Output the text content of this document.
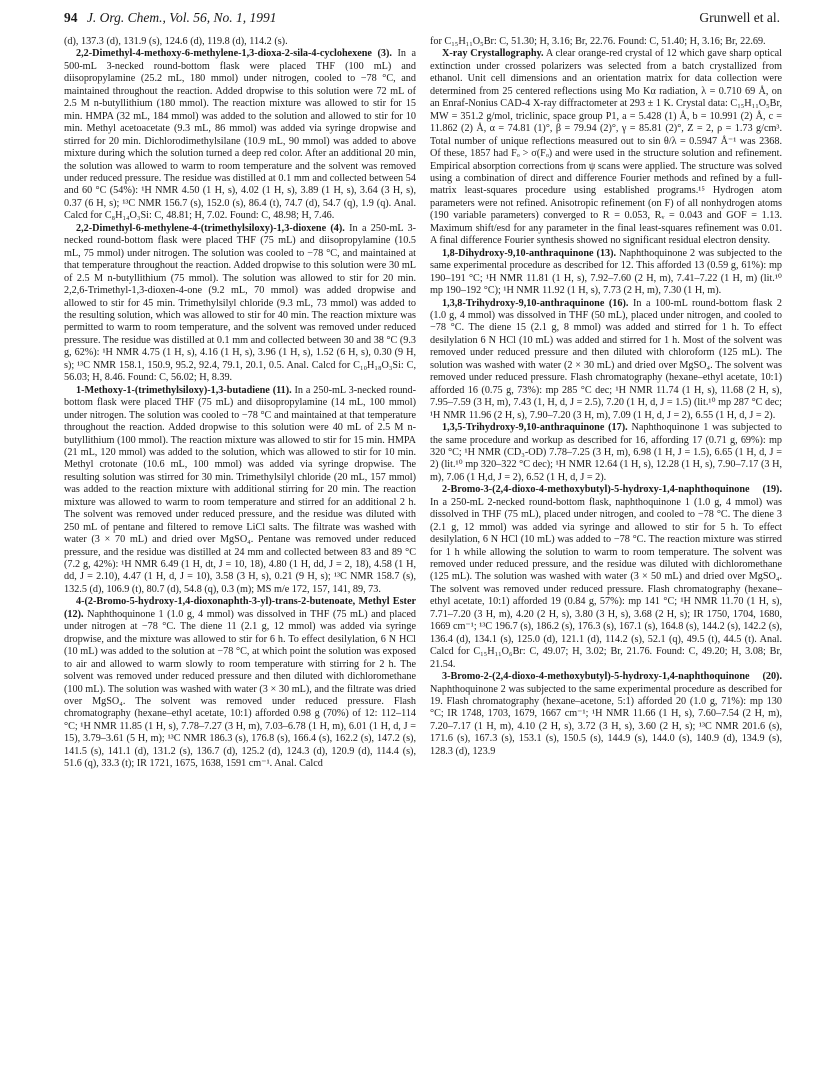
94 J. Org. Chem., Vol. 56, No. 1, 1991	Grunwell et al.

(d), 137.3 (d), 131.9 (s), 124.6 (d), 119.8 (d), 114.2 (s).

2,2-Dimethyl-4-methoxy-6-methylene-1,3-dioxa-2-sila-4-cyclohexene (3). In a 500-mL 3-necked round-bottom flask were placed THF (100 mL) and diisopropylamine (25.2 mL, 180 mmol) under nitrogen, cooled to −78 °C, and maintained throughout the reaction. Added dropwise to this solution were 72 mL of 2.5 M n-butyllithium (180 mmol). The reaction mixture was allowed to stir for 15 min. HMPA (32 mL, 184 mmol) was added to the solution and allowed to stir for 10 min. Methyl acetoacetate (9.3 mL, 86 mmol) was added via syringe dropwise and stirred for 20 min. Dichlorodimethylsilane (10.9 mL, 90 mmol) was added to above mixture during which the solution turned a deep red color. After an additional 20 min, the solution was allowed to warm to room temperature and the solvent was removed under reduced pressure. The residue was distilled at 0.1 mm and collected between 54 and 60 °C (54%): ¹H NMR 4.50 (1 H, s), 4.02 (1 H, s), 3.89 (1 H, s), 3.64 (3 H, s), 0.37 (6 H, s); ¹³C NMR 156.7 (s), 152.0 (s), 86.4 (t), 74.7 (d), 54.7 (q), 1.9 (q). Anal. Calcd for C₈H₁₄O₃Si: C, 48.81; H, 7.02. Found: C, 48.98; H, 7.46.

2,2-Dimethyl-6-methylene-4-(trimethylsiloxy)-1,3-dioxene (4). In a 250-mL 3-necked round-bottom flask were placed THF (75 mL) and diisopropylamine (10.5 mL, 75 mmol) under nitrogen. The solution was cooled to −78 °C, and maintained at that temperature throughout the reaction. Added dropwise to this solution were 30 mL of 2.5 M n-butyllithium (75 mmol). The solution was allowed to stir for 20 min. 2,2,6-Trimethyl-1,3-dioxen-4-one (9.2 mL, 70 mmol) was added dropwise and allowed to stir for 45 min. Trimethylsilyl chloride (9.3 mL, 73 mmol) was added to the resulting solution, which was allowed to stir for 40 min. The reaction mixture was permitted to warm to room temperature, and the solvent was removed under reduced pressure. The residue was distilled at 0.1 mm and collected between 30 and 38 °C (9.3 g, 62%): ¹H NMR 4.75 (1 H, s), 4.16 (1 H, s), 3.96 (1 H, s), 1.52 (6 H, s), 0.30 (9 H, s); ¹³C NMR 158.1, 150.9, 95.2, 92.4, 79.1, 20.1, 0.5. Anal. Calcd for C₁₀H₁₈O₃Si: C, 56.03; H, 8.46. Found: C, 56.02; H, 8.39.

1-Methoxy-1-(trimethylsiloxy)-1,3-butadiene (11). In a 250-mL 3-necked round-bottom flask were placed THF (75 mL) and diisopropylamine (14 mL, 100 mmol) under nitrogen. The solution was cooled to −78 °C and maintained at that temperature throughout the reaction. Added dropwise to this solution were 40 mL of 2.5 M n-butyllithium (100 mmol). The reaction mixture was allowed to stir for 15 min. HMPA (21 mL, 120 mmol) was added to the solution, which was allowed to stir for 10 min. Methyl crotonate (10.6 mL, 100 mmol) was added via syringe dropwise. The resulting solution was stirred for 30 min. Trimethylsilyl chloride (20 mL, 157 mmol) was added to the reaction mixture with additional stirring for 20 min. The reaction mixture was allowed to warm to room temperature and stirred for an additional 2 h. The solvent was removed under reduced pressure, and the residue was diluted with 250 mL of pentane and filtered to remove LiCl salts. The filtrate was washed with water (3 × 70 mL) and dried over MgSO₄. Pentane was removed under reduced pressure, and the residue was distilled at 24 mm and collected between 83 and 89 °C (7.2 g, 42%): ¹H NMR 6.49 (1 H, dt, J = 10, 18), 4.80 (1 H, dd, J = 2, 18), 4.58 (1 H, dd, J = 2.10), 4.47 (1 H, d, J = 10), 3.58 (3 H, s), 0.21 (9 H, s); ¹³C NMR 158.7 (s), 132.5 (d), 106.9 (t), 80.7 (d), 54.8 (q), 0.3 (m); MS m/e 172, 157, 141, 89, 73.

4-(2-Bromo-5-hydroxy-1,4-dioxonaphth-3-yl)-trans-2-butenoate, Methyl Ester (12). Naphthoquinone 1 (1.0 g, 4 mmol) was dissolved in THF (75 mL) and placed under nitrogen at −78 °C. The diene 11 (2.1 g, 12 mmol) was added via syringe dropwise, and the mixture was allowed to stir for 6 h. To effect desilylation, 6 N HCl (10 mL) was added to the solution at −78 °C, at which point the solution was exposed to air and allowed to warm slowly to room temperature with stirring for 2 h. The solvent was removed under reduced pressure and then diluted with dichloromethane (100 mL). The solution was washed with water (3 × 30 mL), and the filtrate was dried over MgSO₄. The solvent was removed under reduced pressure. Flash chromatography (hexane–ethyl acetate, 10:1) afforded 0.98 g (70%) of 12: 112–114 °C; ¹H NMR 11.85 (1 H, s), 7.78–7.27 (3 H, m), 7.03–6.78 (1 H, m), 6.01 (1 H, d, J = 15), 3.79–3.61 (5 H, m); ¹³C NMR 186.3 (s), 176.8 (s), 166.4 (s), 162.2 (s), 147.2 (s), 141.5 (s), 141.1 (d), 131.2 (s), 136.7 (d), 125.2 (d), 124.3 (d), 120.9 (d), 114.4 (s), 51.6 (q), 33.3 (t); IR 1721, 1675, 1638, 1591 cm⁻¹. Anal. Calcd

for C₁₅H₁₁O₅Br: C, 51.30; H, 3.16; Br, 22.76. Found: C, 51.40; H, 3.16; Br, 22.69.

X-ray Crystallography. A clear orange-red crystal of 12 which gave sharp optical extinction under crossed polarizers was selected from a batch crystallized from ethanol. Unit cell dimensions and an orientation matrix for data collection were determined from 25 centered reflections using Mo Kα radiation, λ = 0.710 69 Å, on an Enraf-Nonius CAD-4 X-ray diffractometer at 293 ± 1 K. Crystal data: C₁₅H₁₁O₅Br, MW = 351.2 g/mol, triclinic, space group P1, a = 5.428 (1) Å, b = 10.991 (2) Å, c = 11.862 (2) Å, α = 74.81 (1)°, β = 79.94 (2)°, γ = 85.81 (2)°, Z = 2, ρ = 1.73 g/cm³. Total number of unique reflections measured out to sin θ/λ = 0.5947 Å⁻¹ was 2368. Of these, 1857 had Fₒ > σ(Fₒ) and were used in the structure solution and refinement. Empirical absorption corrections from ψ scans were applied. The structure was solved using a combination of direct and difference Fourier methods and refined by a full-matrix least-squares procedure using established programs.¹⁵ Hydrogen atom parameters were not refined. Anisotropic refinement (on F) of all nonhydrogen atoms (190 variable parameters) converged to R = 0.053, Rᵥ = 0.043 and GOF = 1.13. Maximum shift/esd for any parameter in the final least-squares refinement was 0.01. A final difference Fourier synthesis showed no significant residual electron density.

1,8-Dihydroxy-9,10-anthraquinone (13). Naphthoquinone 2 was subjected to the same experimental procedure as described for 12. This afforded 13 (0.59 g, 61%): mp 190–191 °C; ¹H NMR 11.81 (1 H, s), 7.92–7.60 (2 H, m), 7.41–7.22 (1 H, m) (lit.¹⁰ mp 190–192 °C); ¹H NMR 11.92 (1 H, s), 7.73 (2 H, m), 7.30 (1 H, m).

1,3,8-Trihydroxy-9,10-anthraquinone (16). In a 100-mL round-bottom flask 2 (1.0 g, 4 mmol) was dissolved in THF (50 mL), placed under nitrogen, and cooled to −78 °C. The diene 15 (2.1 g, 8 mmol) was added and stirred for 1 h. To effect desilylation 6 N HCl (10 mL) was added and stirred for 1 h. Most of the solvent was removed under reduced pressure and then diluted with chloroform (125 mL). The solution was washed with water (2 × 30 mL) and dried over MgSO₄. The solvent was removed under reduced pressure. Flash chromatography (hexane–ethyl acetate, 10:1) afforded 16 (0.75 g, 73%): mp 285 °C dec; ¹H NMR 11.74 (1 H, s), 11.68 (2 H, s), 7.95–7.59 (3 H, m), 7.43 (1, H, d, J = 2.5), 7.20 (1 H, d, J = 1.5) (lit.¹⁰ mp 287 °C dec; ¹H NMR 11.96 (2 H, s), 7.90–7.20 (3 H, m), 7.09 (1 H, d, J = 2), 6.55 (1 H, d, J = 2).

1,3,5-Trihydroxy-9,10-anthraquinone (17). Naphthoquinone 1 was subjected to the same procedure and workup as described for 16, affording 17 (0.71 g, 69%): mp 320 °C; ¹H NMR (CD₃-OD) 7.78–7.25 (3 H, m), 6.98 (1 H, J = 1.5), 6.65 (1 H, d, J = 2) (lit.¹⁰ mp 320–322 °C dec); ¹H NMR 12.64 (1 H, s), 12.28 (1 H, s), 7.90–7.17 (3 H, m), 7.06 (1 H,d, J = 2), 6.52 (1 H, d, J = 2).

2-Bromo-3-(2,4-dioxo-4-methoxybutyl)-5-hydroxy-1,4-naphthoquinone (19). In a 250-mL 2-necked round-bottom flask, naphthoquinone 1 (1.0 g, 4 mmol) was dissolved in THF (75 mL), placed under nitrogen, and cooled to −78 °C. The diene 3 (2.1 g, 12 mmol) was added via syringe and allowed to stir for 5 h. To effect desilylation, 6 N HCl (10 mL) was added to −78 °C. The reaction mixture was stirred for 1 h while allowing the solution to warm to room temperature. The solvent was removed under reduced pressure, and the residue was diluted with dichloromethane (125 mL). The solution was washed with water (3 × 50 mL) and dried over MgSO₄. The solvent was removed under reduced pressure. Flash chromatography (hexane–ethyl acetate, 10:1) afforded 19 (0.84 g, 57%): mp 141 °C; ¹H NMR 11.70 (1 H, s), 7.71–7.20 (3 H, m), 4.20 (2 H, s), 3.80 (3 H, s), 3.68 (2 H, s); IR 1750, 1704, 1680, 1669 cm⁻¹; ¹³C 196.7 (s), 186.2 (s), 176.3 (s), 167.1 (s), 164.8 (s), 144.2 (s), 142.2 (s), 136.4 (d), 134.1 (s), 125.0 (d), 121.1 (d), 114.2 (s), 52.1 (q), 49.5 (t), 44.5 (t). Anal. Calcd for C₁₅H₁₁O₆Br: C, 49.07; H, 3.02; Br, 21.76. Found: C, 49.20; H, 3.08; Br, 21.54.

3-Bromo-2-(2,4-dioxo-4-methoxybutyl)-5-hydroxy-1,4-naphthoquinone (20). Naphthoquinone 2 was subjected to the same experimental procedure as described for 19. Flash chromatography (hexane–acetone, 5:1) afforded 20 (1.0 g, 71%): mp 130 °C; IR 1748, 1703, 1679, 1667 cm⁻¹; ¹H NMR 11.66 (1 H, s), 7.60–7.54 (2 H, m), 7.20–7.17 (1 H, m), 4.10 (2 H, s), 3.72 (3 H, s), 3.60 (2 H, s); ¹³C NMR 201.6 (s), 171.6 (s), 167.3 (s), 153.1 (s), 150.5 (s), 144.9 (s), 144.0 (s), 140.9 (d), 134.9 (s), 128.3 (d), 123.9
